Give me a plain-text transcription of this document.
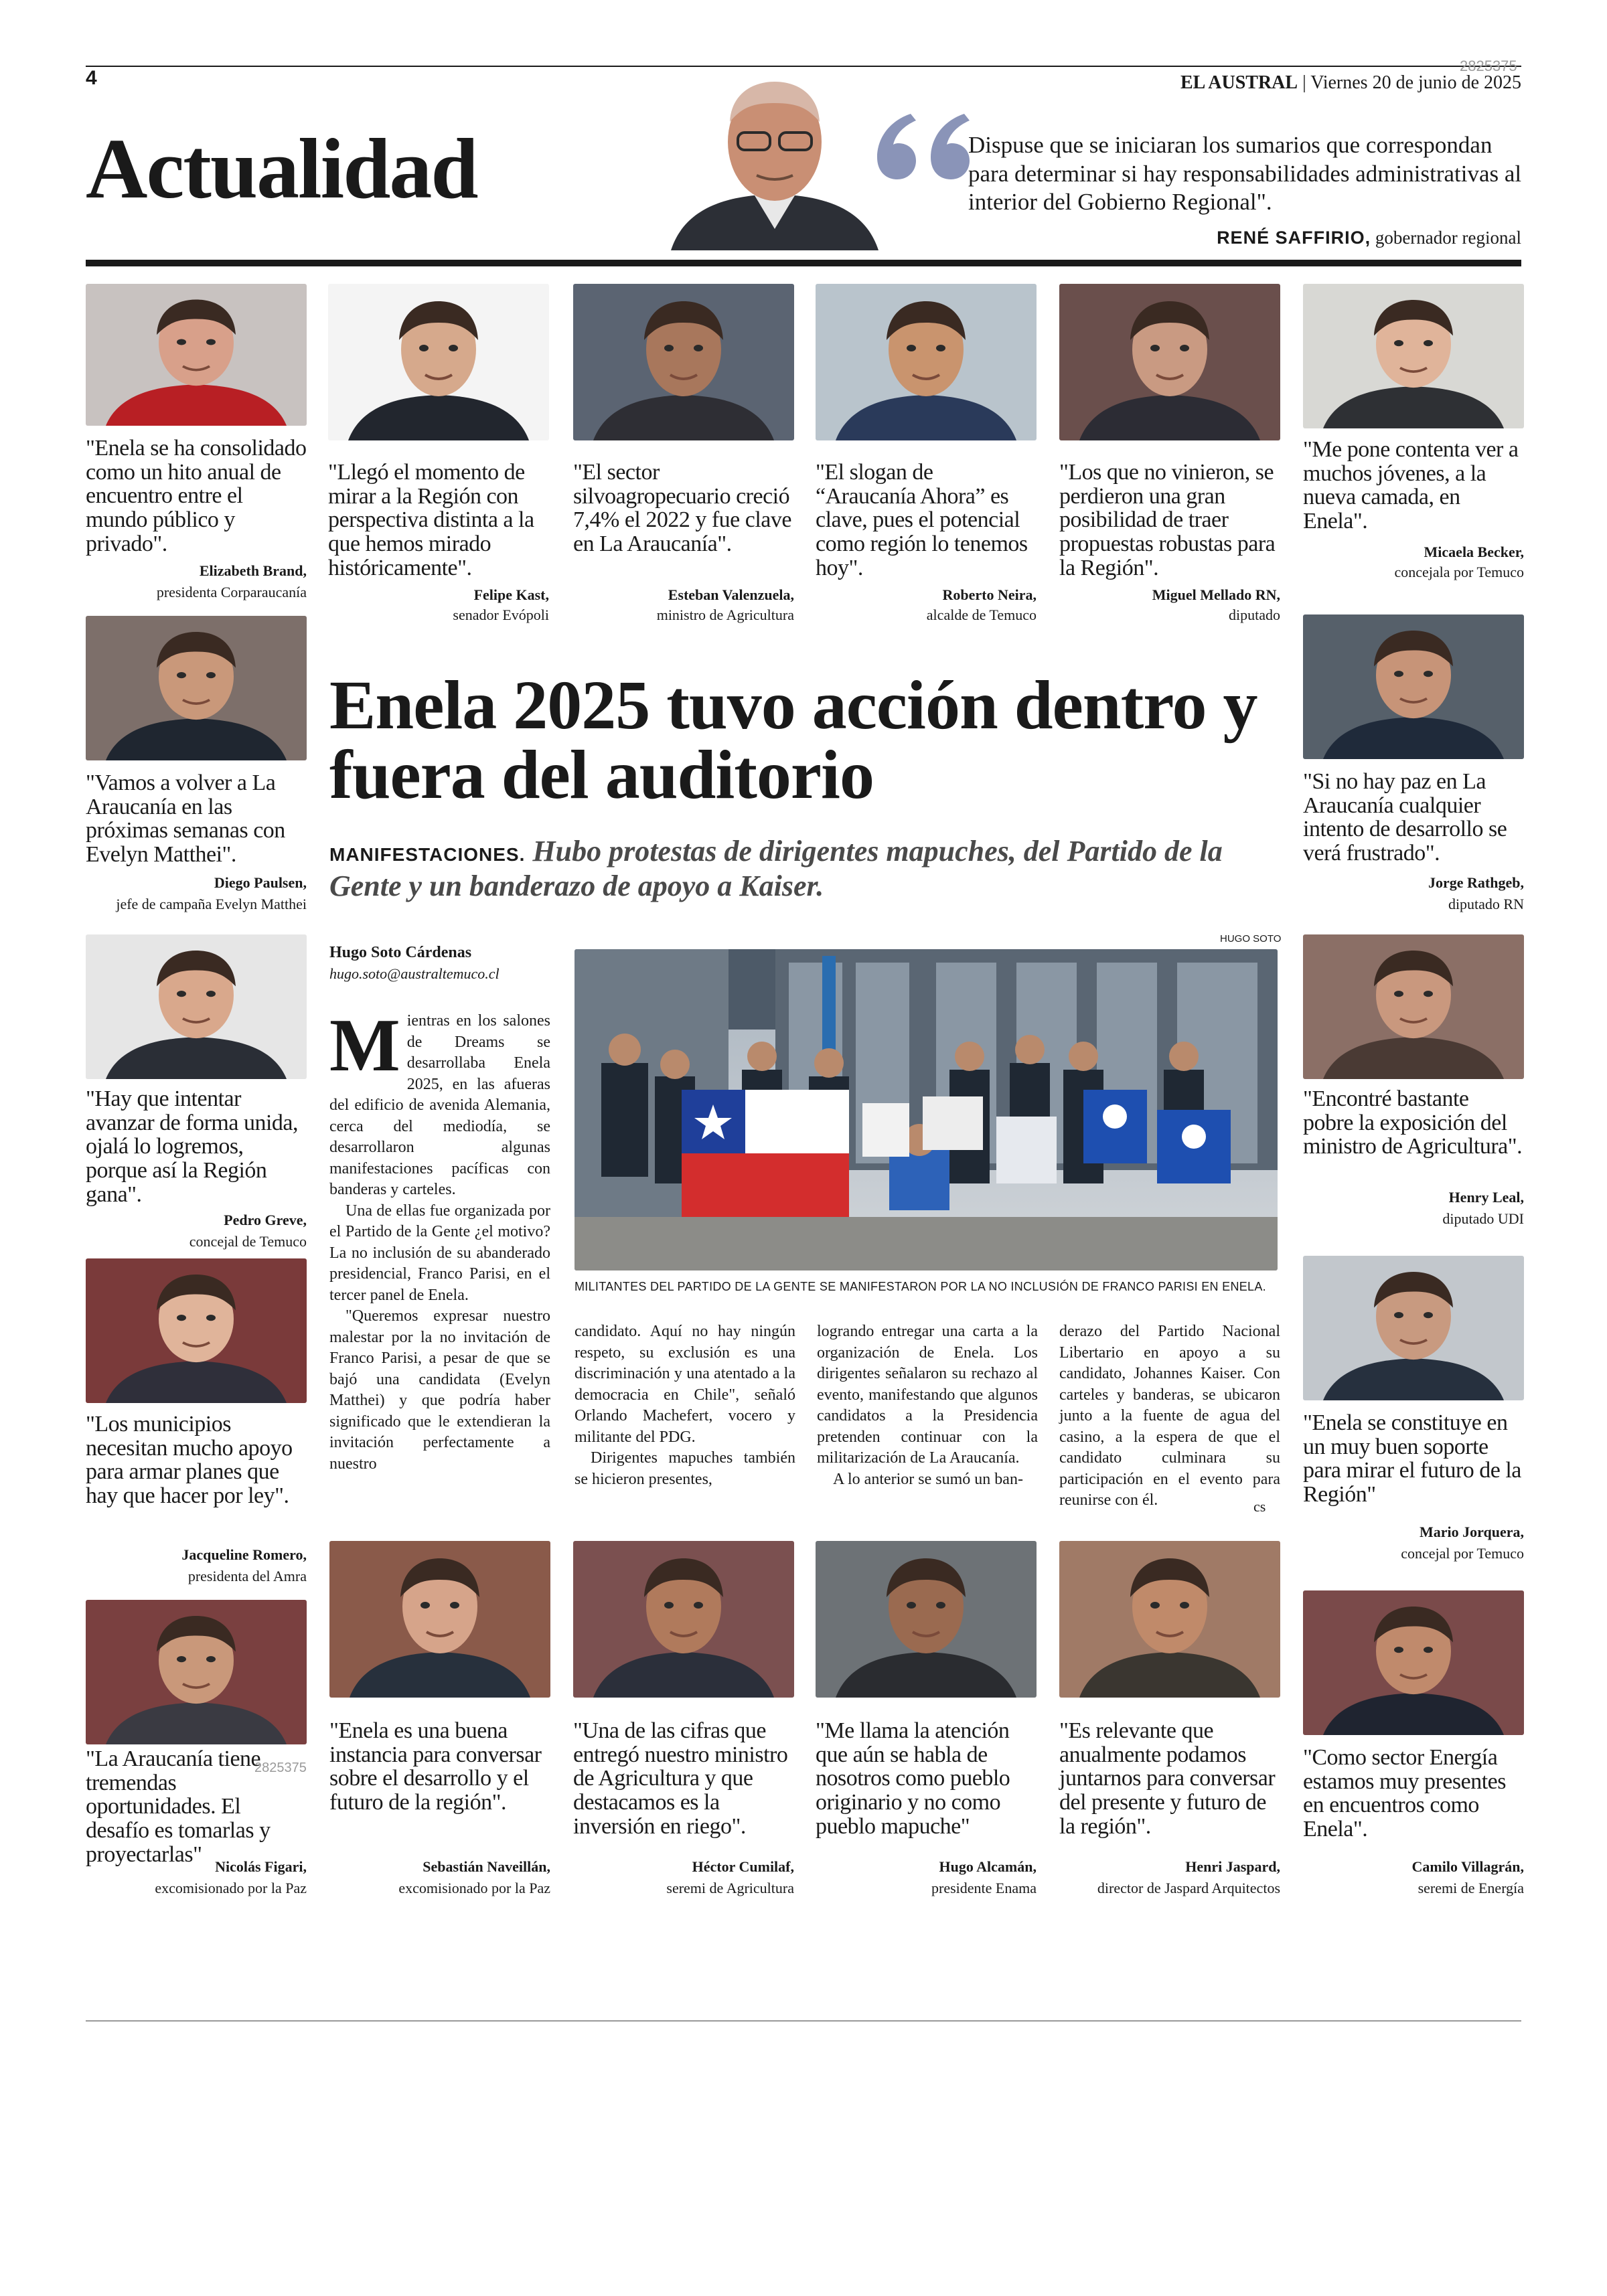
4
2825375
EL AUSTRAL | Viernes 20 de junio de 2025
Actualidad	Dispuse que se iniciaran los sumarios que correspondan para determinar si hay responsabilidades administrativas al interior del Gobierno Regional".
RENÉ SAFFIRIO, gobernador regional
"Enela se ha consolidado como un hito anual de encuentro entre el mundo público y privado".
Elizabeth Brand,
presidenta Corparaucanía
"Llegó el momento de mirar a la Región con perspectiva distinta a la que hemos mirado históricamente".
Felipe Kast,
senador Evópoli
"El sector silvoagropecuario creció 7,4% el 2022 y fue clave en La Araucanía".
Esteban Valenzuela,
ministro de Agricultura
"El slogan de “Araucanía Ahora” es clave, pues el potencial como región lo tenemos hoy".
Roberto Neira,
alcalde de Temuco
"Los que no vinieron, se perdieron una gran posibilidad de traer propuestas robustas para la Región".
Miguel Mellado RN,
diputado
"Me pone contenta ver a muchos jóvenes, a la nueva camada, en Enela".
Micaela Becker,
concejala por Temuco
"Vamos a volver a La Araucanía en las próximas semanas con Evelyn Matthei".
Diego Paulsen,
jefe de campaña Evelyn Matthei
"Si no hay paz en La Araucanía cualquier intento de desarrollo se verá frustrado".
Jorge Rathgeb,
diputado RN
"Hay que intentar avanzar de forma unida, ojalá lo logremos, porque así la Región gana".
Pedro Greve,
concejal de Temuco
"Encontré bastante pobre la exposición del ministro de Agricultura".
Henry Leal,
diputado UDI
"Los municipios necesitan mucho apoyo para armar planes que hay que hacer por ley".
Jacqueline Romero,
presidenta del Amra
"Enela se constituye en un muy buen soporte para mirar el futuro de la Región"
Mario Jorquera,
concejal por Temuco
"La Araucanía tiene tremendas oportunidades. El desafío es tomarlas y proyectarlas" Nicolás Figari,
excomisionado por la Paz
"Enela es una buena instancia para conversar sobre el desarrollo y el futuro de la región".
Sebastián Naveillán,
excomisionado por la Paz
"Una de las cifras que entregó nuestro ministro de Agricultura y que destacamos es la inversión en riego".
Héctor Cumilaf,
seremi de Agricultura
"Me llama la atención que aún se habla de nosotros como pueblo originario y no como pueblo mapuche"
Hugo Alcamán,
presidente Enama
"Es relevante que anualmente podamos juntarnos para conversar del presente y futuro de la región".
Henri Jaspard,
director de Jaspard Arquitectos
"Como sector Energía estamos muy presentes en encuentros como Enela".
Camilo Villagrán,
seremi de Energía
Enela 2025 tuvo acción dentro y fuera del auditorio
MANIFESTACIONES. Hubo protestas de dirigentes mapuches, del Partido de la Gente y un banderazo de apoyo a Kaiser.
Hugo Soto Cárdenas
hugo.soto@australtemuco.cl
HUGO SOTO
MILITANTES DEL PARTIDO DE LA GENTE SE MANIFESTARON POR LA NO INCLUSIÓN DE FRANCO PARISI EN ENELA.
Mientras en los salones de Dreams se desarrollaba Enela 2025, en las afueras del edificio de avenida Alemania, cerca del mediodía, se desarrollaron algunas manifestaciones pacíficas con banderas y carteles.
Una de ellas fue organizada por el Partido de la Gente ¿el motivo? La no inclusión de su abanderado presidencial, Franco Parisi, en el tercer panel de Enela.
"Queremos expresar nuestro malestar por la no invitación de Franco Parisi, a pesar de que se bajó una candidata (Evelyn Matthei) y que podría haber significado que le extendieran la invitación perfectamente a nuestro
candidato. Aquí no hay ningún respeto, su exclusión es una discriminación y una atentado a la democracia en Chile", señaló Orlando Machefert, vocero y militante del PDG.
Dirigentes mapuches también se hicieron presentes,
logrando entregar una carta a la organización de Enela. Los dirigentes señalaron su rechazo al evento, manifestando que algunos candidatos a la Presidencia pretenden continuar con la militarización de La Araucanía.
A lo anterior se sumó un ban-
derazo del Partido Nacional Libertario en apoyo a su candidato, Johannes Kaiser. Con carteles y banderas, se ubicaron junto a la fuente de agua del casino, a la espera de que el candidato culminara su participación en el evento para reunirse con él.	cs
2825375
